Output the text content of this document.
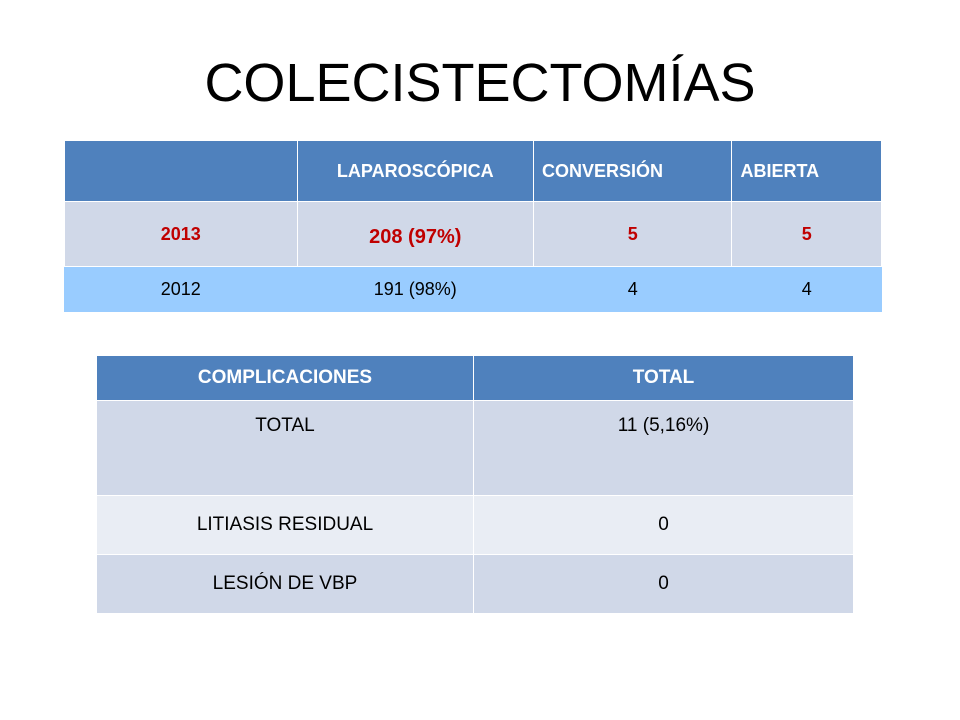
COLECISTECTOMÍAS
	LAPAROSCÓPICA	CONVERSIÓN	ABIERTA
2013	208 (97%)	5	5
2012	191 (98%)	4	4
COMPLICACIONES	TOTAL
TOTAL	11 (5,16%)
LITIASIS RESIDUAL	0
LESIÓN DE VBP	0
